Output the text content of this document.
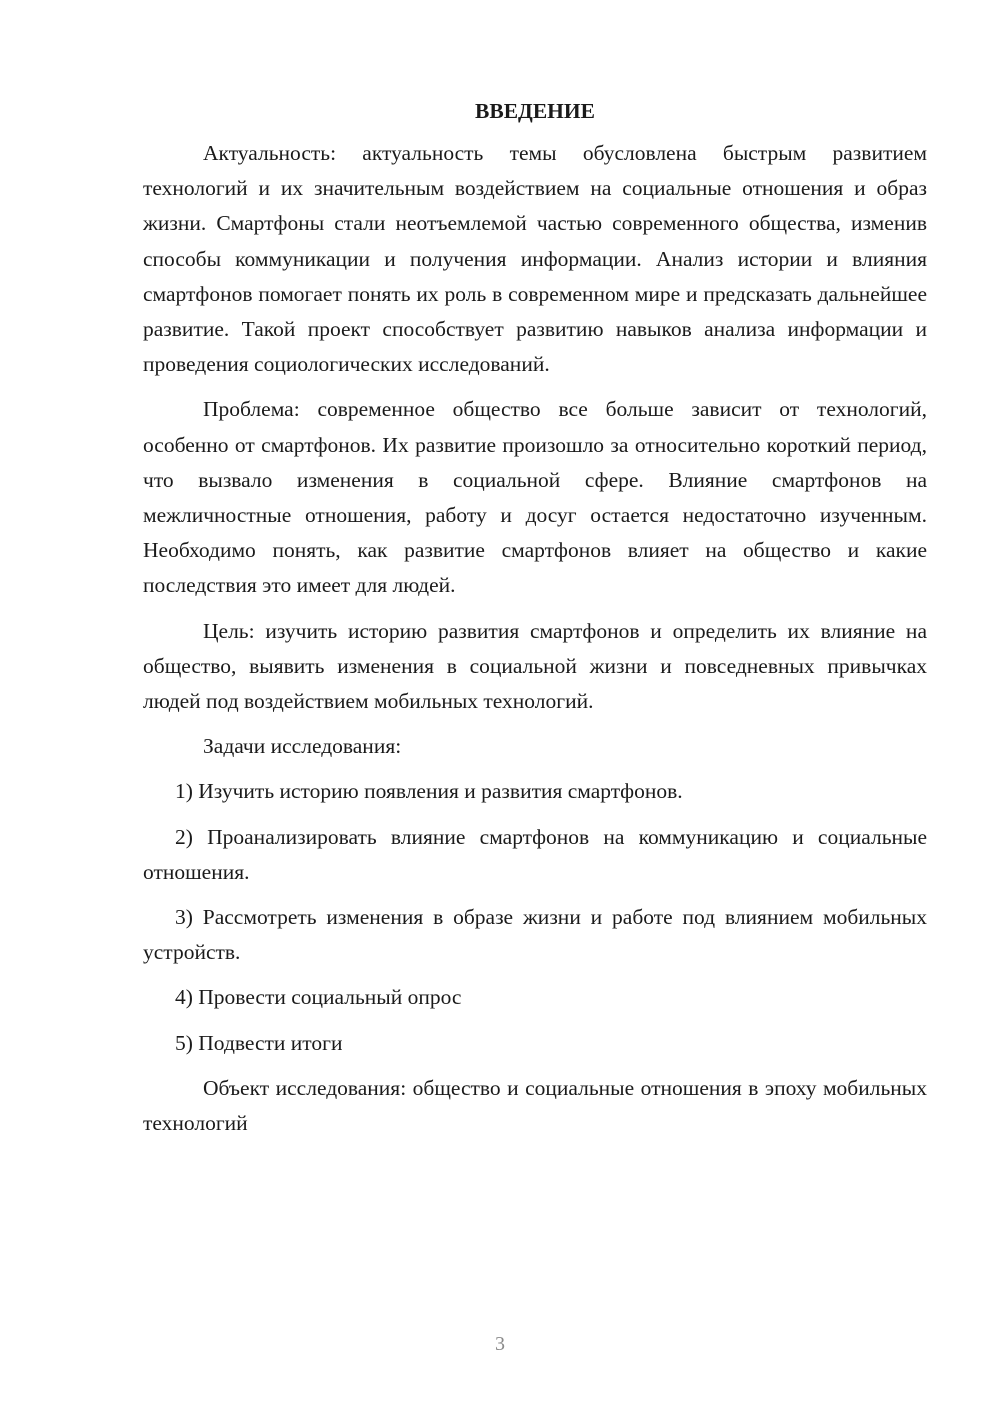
ВВЕДЕНИЕ

Актуальность: актуальность темы обусловлена быстрым развитием технологий и их значительным воздействием на социальные отношения и образ жизни. Смартфоны стали неотъемлемой частью современного общества, изменив способы коммуникации и получения информации. Анализ истории и влияния смартфонов помогает понять их роль в современном мире и предсказать дальнейшее развитие. Такой проект способствует развитию навыков анализа информации и проведения социологических исследований.

Проблема: современное общество все больше зависит от технологий, особенно от смартфонов. Их развитие произошло за относительно короткий период, что вызвало изменения в социальной сфере. Влияние смартфонов на межличностные отношения, работу и досуг остается недостаточно изученным. Необходимо понять, как развитие смартфонов влияет на общество и какие последствия это имеет для людей.

Цель: изучить историю развития смартфонов и определить их влияние на общество, выявить изменения в социальной жизни и повседневных привычках людей под воздействием мобильных технологий.

Задачи исследования:

1) Изучить историю появления и развития смартфонов.

2) Проанализировать влияние смартфонов на коммуникацию и социальные отношения.

3) Рассмотреть изменения в образе жизни и работе под влиянием мобильных устройств.

4) Провести социальный опрос

5) Подвести итоги

Объект исследования: общество и социальные отношения в эпоху мобильных технологий

3
